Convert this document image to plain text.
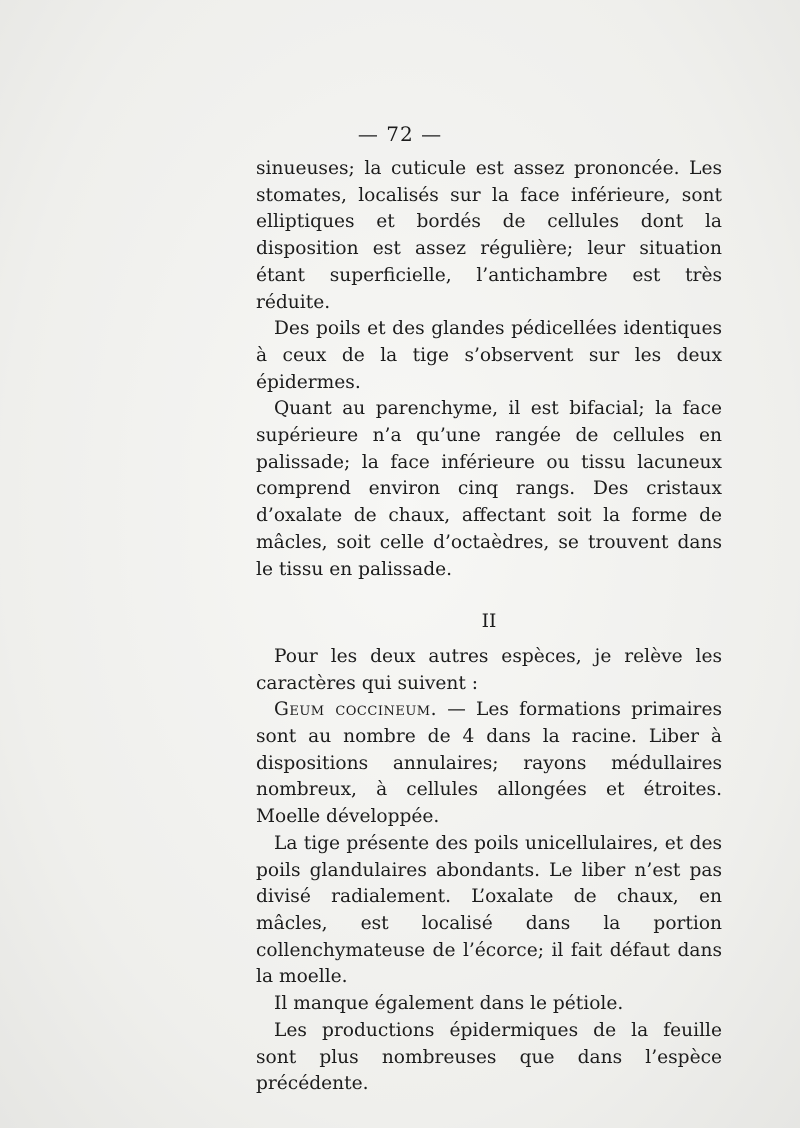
— 72 —

sinueuses; la cuticule est assez prononcée. Les stomates, localisés sur la face inférieure, sont elliptiques et bordés de cellules dont la disposition est assez régulière; leur situation étant superficielle, l’antichambre est très réduite.

Des poils et des glandes pédicellées identiques à ceux de la tige s’observent sur les deux épidermes.

Quant au parenchyme, il est bifacial; la face supérieure n’a qu’une rangée de cellules en palissade; la face inférieure ou tissu lacuneux comprend environ cinq rangs. Des cristaux d’oxalate de chaux, affectant soit la forme de mâcles, soit celle d’octaèdres, se trouvent dans le tissu en palissade.

II

Pour les deux autres espèces, je relève les caractères qui suivent :

Geum coccineum. — Les formations primaires sont au nombre de 4 dans la racine. Liber à dispositions annulaires; rayons médullaires nombreux, à cellules allongées et étroites. Moelle développée.

La tige présente des poils unicellulaires, et des poils glandulaires abondants. Le liber n’est pas divisé radialement. L’oxalate de chaux, en mâcles, est localisé dans la portion collenchymateuse de l’écorce; il fait défaut dans la moelle.

Il manque également dans le pétiole.

Les productions épidermiques de la feuille sont plus nombreuses que dans l’espèce précédente.
